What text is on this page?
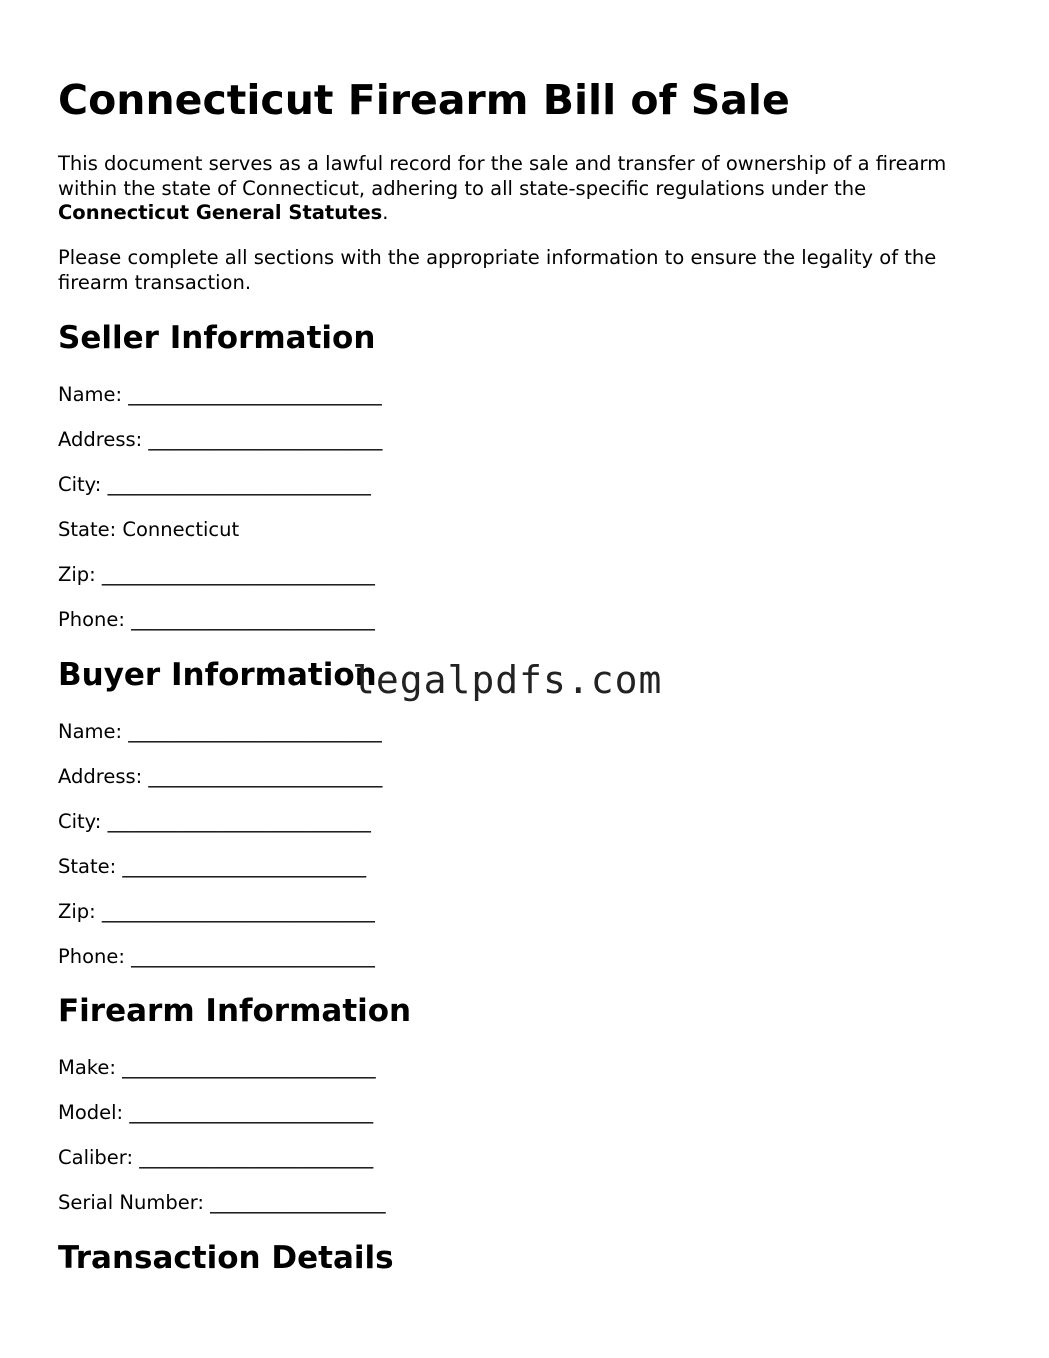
Connecticut Firearm Bill of Sale

This document serves as a lawful record for the sale and transfer of ownership of a firearm within the state of Connecticut, adhering to all state-specific regulations under the Connecticut General Statutes.

Please complete all sections with the appropriate information to ensure the legality of the firearm transaction.

Seller Information
Name: __________________________
Address: ________________________
City: ___________________________
State: Connecticut
Zip: ____________________________
Phone: _________________________
Buyer Information
Name: __________________________
Address: ________________________
City: ___________________________
State: _________________________
Zip: ____________________________
Phone: _________________________
Firearm Information
Make: __________________________
Model: _________________________
Caliber: ________________________
Serial Number: __________________
Transaction Details
legalpdfs.com
